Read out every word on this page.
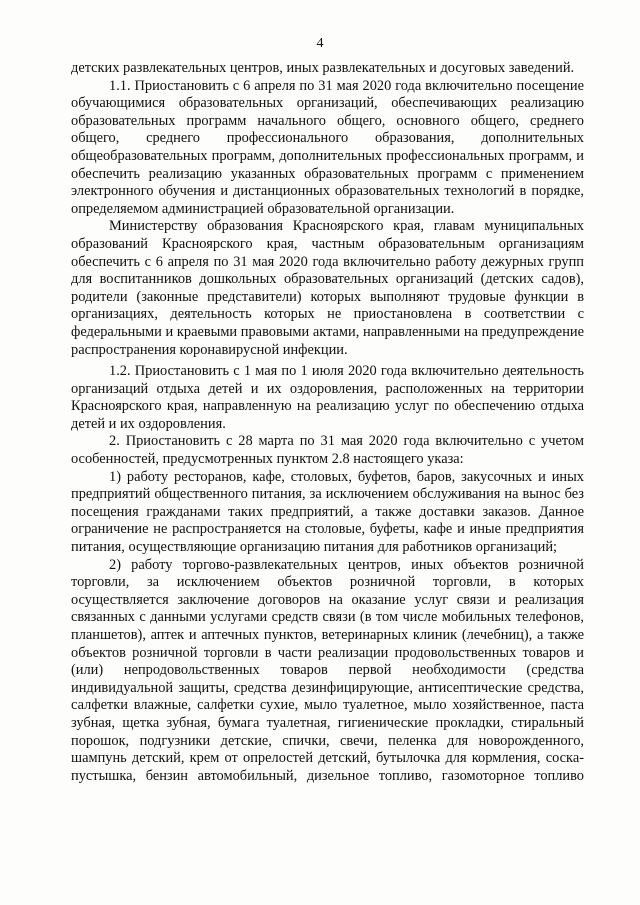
4

детских развлекательных центров, иных развлекательных и досуговых заведений.

1.1. Приостановить с 6 апреля по 31 мая 2020 года включительно посещение обучающимися образовательных организаций, обеспечивающих реализацию образовательных программ начального общего, основного общего, среднего общего, среднего профессионального образования, дополнительных общеобразовательных программ, дополнительных профессиональных программ, и обеспечить реализацию указанных образовательных программ с применением электронного обучения и дистанционных образовательных технологий в порядке, определяемом администрацией образовательной организации.

Министерству образования Красноярского края, главам муниципальных образований Красноярского края, частным образовательным организациям обеспечить с 6 апреля по 31 мая 2020 года включительно работу дежурных групп для воспитанников дошкольных образовательных организаций (детских садов), родители (законные представители) которых выполняют трудовые функции в организациях, деятельность которых не приостановлена в соответствии с федеральными и краевыми правовыми актами, направленными на предупреждение распространения коронавирусной инфекции.

1.2. Приостановить с 1 мая по 1 июля 2020 года включительно деятельность организаций отдыха детей и их оздоровления, расположенных на территории Красноярского края, направленную на реализацию услуг по обеспечению отдыха детей и их оздоровления.

2. Приостановить с 28 марта по 31 мая 2020 года включительно с учетом особенностей, предусмотренных пунктом 2.8 настоящего указа:

1) работу ресторанов, кафе, столовых, буфетов, баров, закусочных и иных предприятий общественного питания, за исключением обслуживания на вынос без посещения гражданами таких предприятий, а также доставки заказов. Данное ограничение не распространяется на столовые, буфеты, кафе и иные предприятия питания, осуществляющие организацию питания для работников организаций;

2) работу торгово-развлекательных центров, иных объектов розничной торговли, за исключением объектов розничной торговли, в которых осуществляется заключение договоров на оказание услуг связи и реализация связанных с данными услугами средств связи (в том числе мобильных телефонов, планшетов), аптек и аптечных пунктов, ветеринарных клиник (лечебниц), а также объектов розничной торговли в части реализации продовольственных товаров и (или) непродовольственных товаров первой необходимости (средства индивидуальной защиты, средства дезинфицирующие, антисептические средства, салфетки влажные, салфетки сухие, мыло туалетное, мыло хозяйственное, паста зубная, щетка зубная, бумага туалетная, гигиенические прокладки, стиральный порошок, подгузники детские, спички, свечи, пеленка для новорожденного, шампунь детский, крем от опрелостей детский, бутылочка для кормления, соска-пустышка, бензин автомобильный, дизельное топливо, газомоторное топливо
